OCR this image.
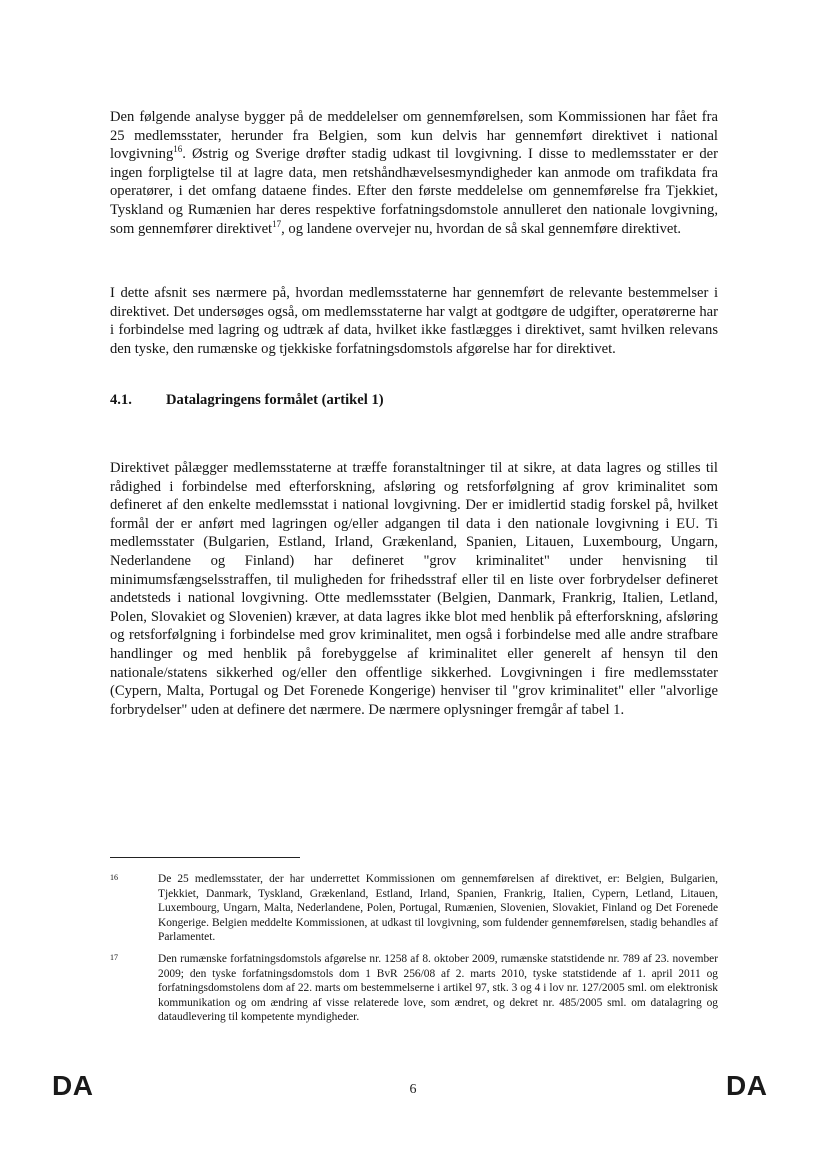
Den følgende analyse bygger på de meddelelser om gennemførelsen, som Kommissionen har fået fra 25 medlemsstater, herunder fra Belgien, som kun delvis har gennemført direktivet i national lovgivning$^{16}$. Østrig og Sverige drøfter stadig udkast til lovgivning. I disse to medlemsstater er der ingen forpligtelse til at lagre data, men retshåndhævelsesmyndigheder kan anmode om trafikdata fra operatører, i det omfang dataene findes. Efter den første meddelelse om gennemførelse fra Tjekkiet, Tyskland og Rumænien har deres respektive forfatningsdomstole annulleret den nationale lovgivning, som gennemfører direktivet$^{17}$, og landene overvejer nu, hvordan de så skal gennemføre direktivet.

I dette afsnit ses nærmere på, hvordan medlemsstaterne har gennemført de relevante bestemmelser i direktivet. Det undersøges også, om medlemsstaterne har valgt at godtgøre de udgifter, operatørerne har i forbindelse med lagring og udtræk af data, hvilket ikke fastlægges i direktivet, samt hvilken relevans den tyske, den rumænske og tjekkiske forfatningsdomstols afgørelse har for direktivet.

4.1. Datalagringens formålet (artikel 1)

Direktivet pålægger medlemsstaterne at træffe foranstaltninger til at sikre, at data lagres og stilles til rådighed i forbindelse med efterforskning, afsløring og retsforfølgning af grov kriminalitet som defineret af den enkelte medlemsstat i national lovgivning. Der er imidlertid stadig forskel på, hvilket formål der er anført med lagringen og/eller adgangen til data i den nationale lovgivning i EU. Ti medlemsstater (Bulgarien, Estland, Irland, Grækenland, Spanien, Litauen, Luxembourg, Ungarn, Nederlandene og Finland) har defineret "grov kriminalitet" under henvisning til minimumsfængselsstraffen, til muligheden for frihedsstraf eller til en liste over forbrydelser defineret andetsteds i national lovgivning. Otte medlemsstater (Belgien, Danmark, Frankrig, Italien, Letland, Polen, Slovakiet og Slovenien) kræver, at data lagres ikke blot med henblik på efterforskning, afsløring og retsforfølgning i forbindelse med grov kriminalitet, men også i forbindelse med alle andre strafbare handlinger og med henblik på forebyggelse af kriminalitet eller generelt af hensyn til den nationale/statens sikkerhed og/eller den offentlige sikkerhed. Lovgivningen i fire medlemsstater (Cypern, Malta, Portugal og Det Forenede Kongerige) henviser til "grov kriminalitet" eller "alvorlige forbrydelser" uden at definere det nærmere. De nærmere oplysninger fremgår af tabel 1.

16	De 25 medlemsstater, der har underrettet Kommissionen om gennemførelsen af direktivet, er: Belgien, Bulgarien, Tjekkiet, Danmark, Tyskland, Grækenland, Estland, Irland, Spanien, Frankrig, Italien, Cypern, Letland, Litauen, Luxembourg, Ungarn, Malta, Nederlandene, Polen, Portugal, Rumænien, Slovenien, Slovakiet, Finland og Det Forenede Kongerige. Belgien meddelte Kommissionen, at udkast til lovgivning, som fuldender gennemførelsen, stadig behandles af Parlamentet.
17	Den rumænske forfatningsdomstols afgørelse nr. 1258 af 8. oktober 2009, rumænske statstidende nr. 789 af 23. november 2009; den tyske forfatningsdomstols dom 1 BvR 256/08 af 2. marts 2010, tyske statstidende af 1. april 2011 og forfatningsdomstolens dom af 22. marts om bestemmelserne i artikel 97, stk. 3 og 4 i lov nr. 127/2005 sml. om elektronisk kommunikation og om ændring af visse relaterede love, som ændret, og dekret nr. 485/2005 sml. om datalagring og dataudlevering til kompetente myndigheder.
DA	6	DA
